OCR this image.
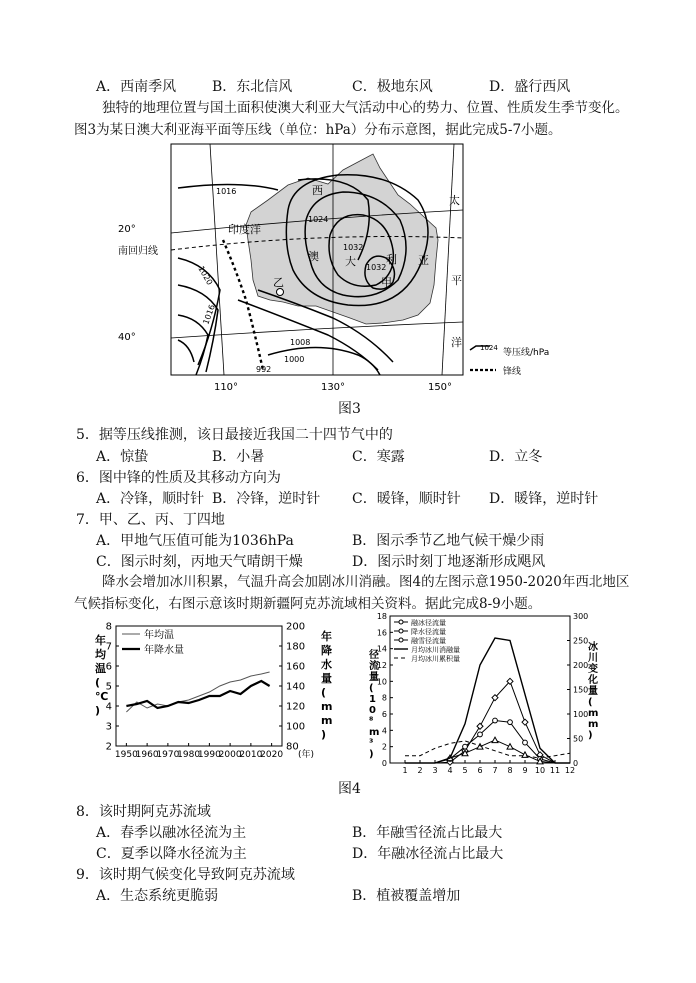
A．西南季风	B．东北信风	C．极地东风	D．盛行西风
独特的地理位置与国土面积使澳大利亚大气活动中心的势力、位置、性质发生季节变化。图3为某日澳大利亚海平面等压线（单位：hPa）分布示意图，据此完成5-7小题。
20°
40°
南回归线
110°	130°	150°
印度洋
西
澳 大	利 亚
太
平
洋
乙	甲
1016
1024
1032
1032
1020
1016
1008
1000
992
1024 等压线/hPa
锋线
图3
5．据等压线推测，该日最接近我国二十四节气中的
A．惊蛰	B．小暑	C．寒露	D．立冬
6．图中锋的性质及其移动方向为
A．冷锋，顺时针 B．冷锋，逆时针 C．暖锋，顺时针 D．暖锋，逆时针
7．甲、乙、丙、丁四地
A．甲地气压值可能为1036hPa	B．图示季节乙地气候干燥少雨
C．图示时刻，丙地天气晴朗干燥	D．图示时刻丁地逐渐形成飓风
降水会增加冰川积累，气温升高会加剧冰川消融。图4的左图示意1950-2020年西北地区气候指标变化，右图示意该时期新疆阿克苏流域相关资料。据此完成8-9小题。
2
3
4
5
6
7
8
80
100
120
140
160
180
200
1950
1960
1970
1980
1990
2000
2010
2020 (年)
年均温( ℃ )
年降水量( m m )
年均温
年降水量
0
2
4
6
8
10
12
14
16
18
0
50
100
150
200
250
300
1 2 3 4 5 6 7 8 9 10 11 12
径流量( 1 0 ⁸ m ³ )
冰川变化量( m m )
融冰径流量
降水径流量
融雪径流量
月均冰川消融量
月均冰川累积量
图4
8．该时期阿克苏流域
A．春季以融冰径流为主	B．年融雪径流占比最大
C．夏季以降水径流为主	D．年融冰径流占比最大
9．该时期气候变化导致阿克苏流域
A．生态系统更脆弱	B．植被覆盖增加
